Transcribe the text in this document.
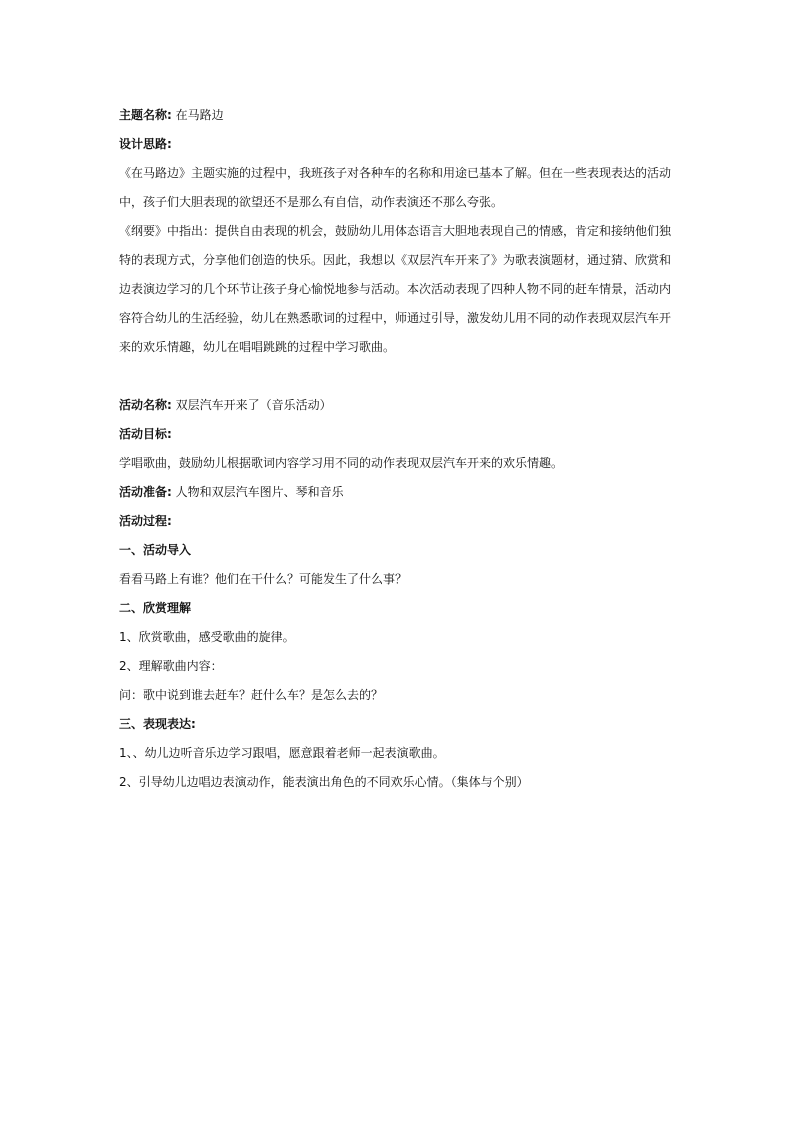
主题名称: 在马路边
设计思路:
《在马路边》主题实施的过程中，我班孩子对各种车的名称和用途已基本了解。但在一些表现表达的活动
中，孩子们大胆表现的欲望还不是那么有自信，动作表演还不那么夸张。
《纲要》中指出：提供自由表现的机会，鼓励幼儿用体态语言大胆地表现自己的情感，肯定和接纳他们独
特的表现方式，分享他们创造的快乐。因此，我想以《双层汽车开来了》为歌表演题材，通过猜、欣赏和
边表演边学习的几个环节让孩子身心愉悦地参与活动。本次活动表现了四种人物不同的赶车情景，活动内
容符合幼儿的生活经验，幼儿在熟悉歌词的过程中，师通过引导，激发幼儿用不同的动作表现双层汽车开
来的欢乐情趣，幼儿在唱唱跳跳的过程中学习歌曲。
活动名称: 双层汽车开来了（音乐活动）
活动目标:
学唱歌曲，鼓励幼儿根据歌词内容学习用不同的动作表现双层汽车开来的欢乐情趣。
活动准备: 人物和双层汽车图片、琴和音乐
活动过程:
一、活动导入
看看马路上有谁？他们在干什么？可能发生了什么事？
二、欣赏理解
1、欣赏歌曲，感受歌曲的旋律。
2、理解歌曲内容：
问：歌中说到谁去赶车？赶什么车？是怎么去的？
三、表现表达:
1、、幼儿边听音乐边学习跟唱，愿意跟着老师一起表演歌曲。
2、引导幼儿边唱边表演动作，能表演出角色的不同欢乐心情。（集体与个别）
